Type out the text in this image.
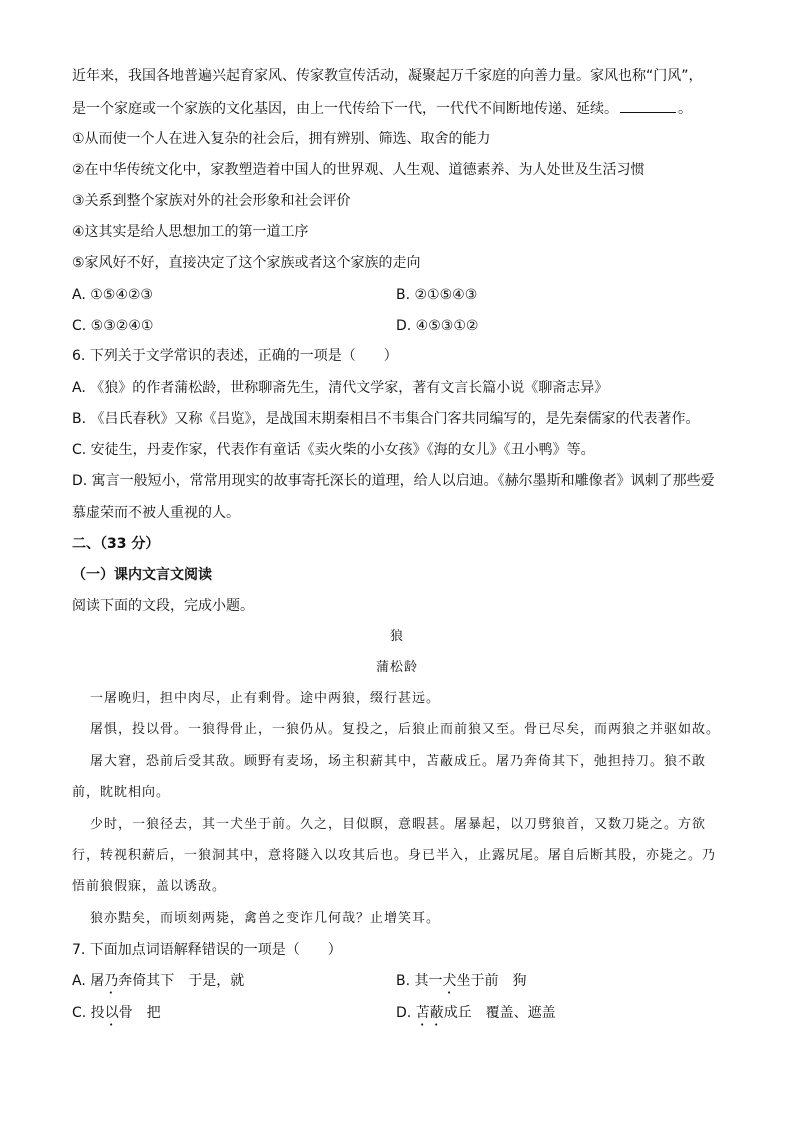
近年来，我国各地普遍兴起育家风、传家教宣传活动，凝聚起万千家庭的向善力量。家风也称“门风”，
是一个家庭或一个家族的文化基因，由上一代传给下一代，一代代不间断地传递、延续。	。
①从而使一个人在进入复杂的社会后，拥有辨别、筛选、取舍的能力
②在中华传统文化中，家教塑造着中国人的世界观、人生观、道德素养、为人处世及生活习惯
③关系到整个家族对外的社会形象和社会评价
④这其实是给人思想加工的第一道工序
⑤家风好不好，直接决定了这个家族或者这个家族的走向
A. ①⑤④②③	B. ②①⑤④③
C. ⑤③②④①	D. ④⑤③①②
6. 下列关于文学常识的表述，正确的一项是（　　）
A. 《狼》的作者蒲松龄，世称聊斋先生，清代文学家，著有文言长篇小说《聊斋志异》
B. 《吕氏春秋》又称《吕览》，是战国末期秦相吕不韦集合门客共同编写的，是先秦儒家的代表著作。
C. 安徒生，丹麦作家，代表作有童话《卖火柴的小女孩》《海的女儿》《丑小鸭》等。
D. 寓言一般短小，常常用现实的故事寄托深长的道理，给人以启迪。《赫尔墨斯和雕像者》讽刺了那些爱
慕虚荣而不被人重视的人。
二、（33 分）
（一）课内文言文阅读
阅读下面的文段，完成小题。
狼
蒲松龄
一屠晚归，担中肉尽，止有剩骨。途中两狼，缀行甚远。
屠惧，投以骨。一狼得骨止，一狼仍从。复投之，后狼止而前狼又至。骨已尽矣，而两狼之并驱如故。
屠大窘，恐前后受其敌。顾野有麦场，场主积薪其中，苫蔽成丘。屠乃奔倚其下，弛担持刀。狼不敢
前，眈眈相向。
少时，一狼径去，其一犬坐于前。久之，目似瞑，意暇甚。屠暴起，以刀劈狼首，又数刀毙之。方欲
行，转视积薪后，一狼洞其中，意将隧入以攻其后也。身已半入，止露尻尾。屠自后断其股，亦毙之。乃
悟前狼假寐，盖以诱敌。
狼亦黠矣，而顷刻两毙，禽兽之变诈几何哉？止增笑耳。
7. 下面加点词语解释错误的一项是（　　）
A. 屠乃奔倚其下　于是，就	B. 其一犬坐于前　狗
C. 投以骨　把	D. 苫蔽成丘　覆盖、遮盖
